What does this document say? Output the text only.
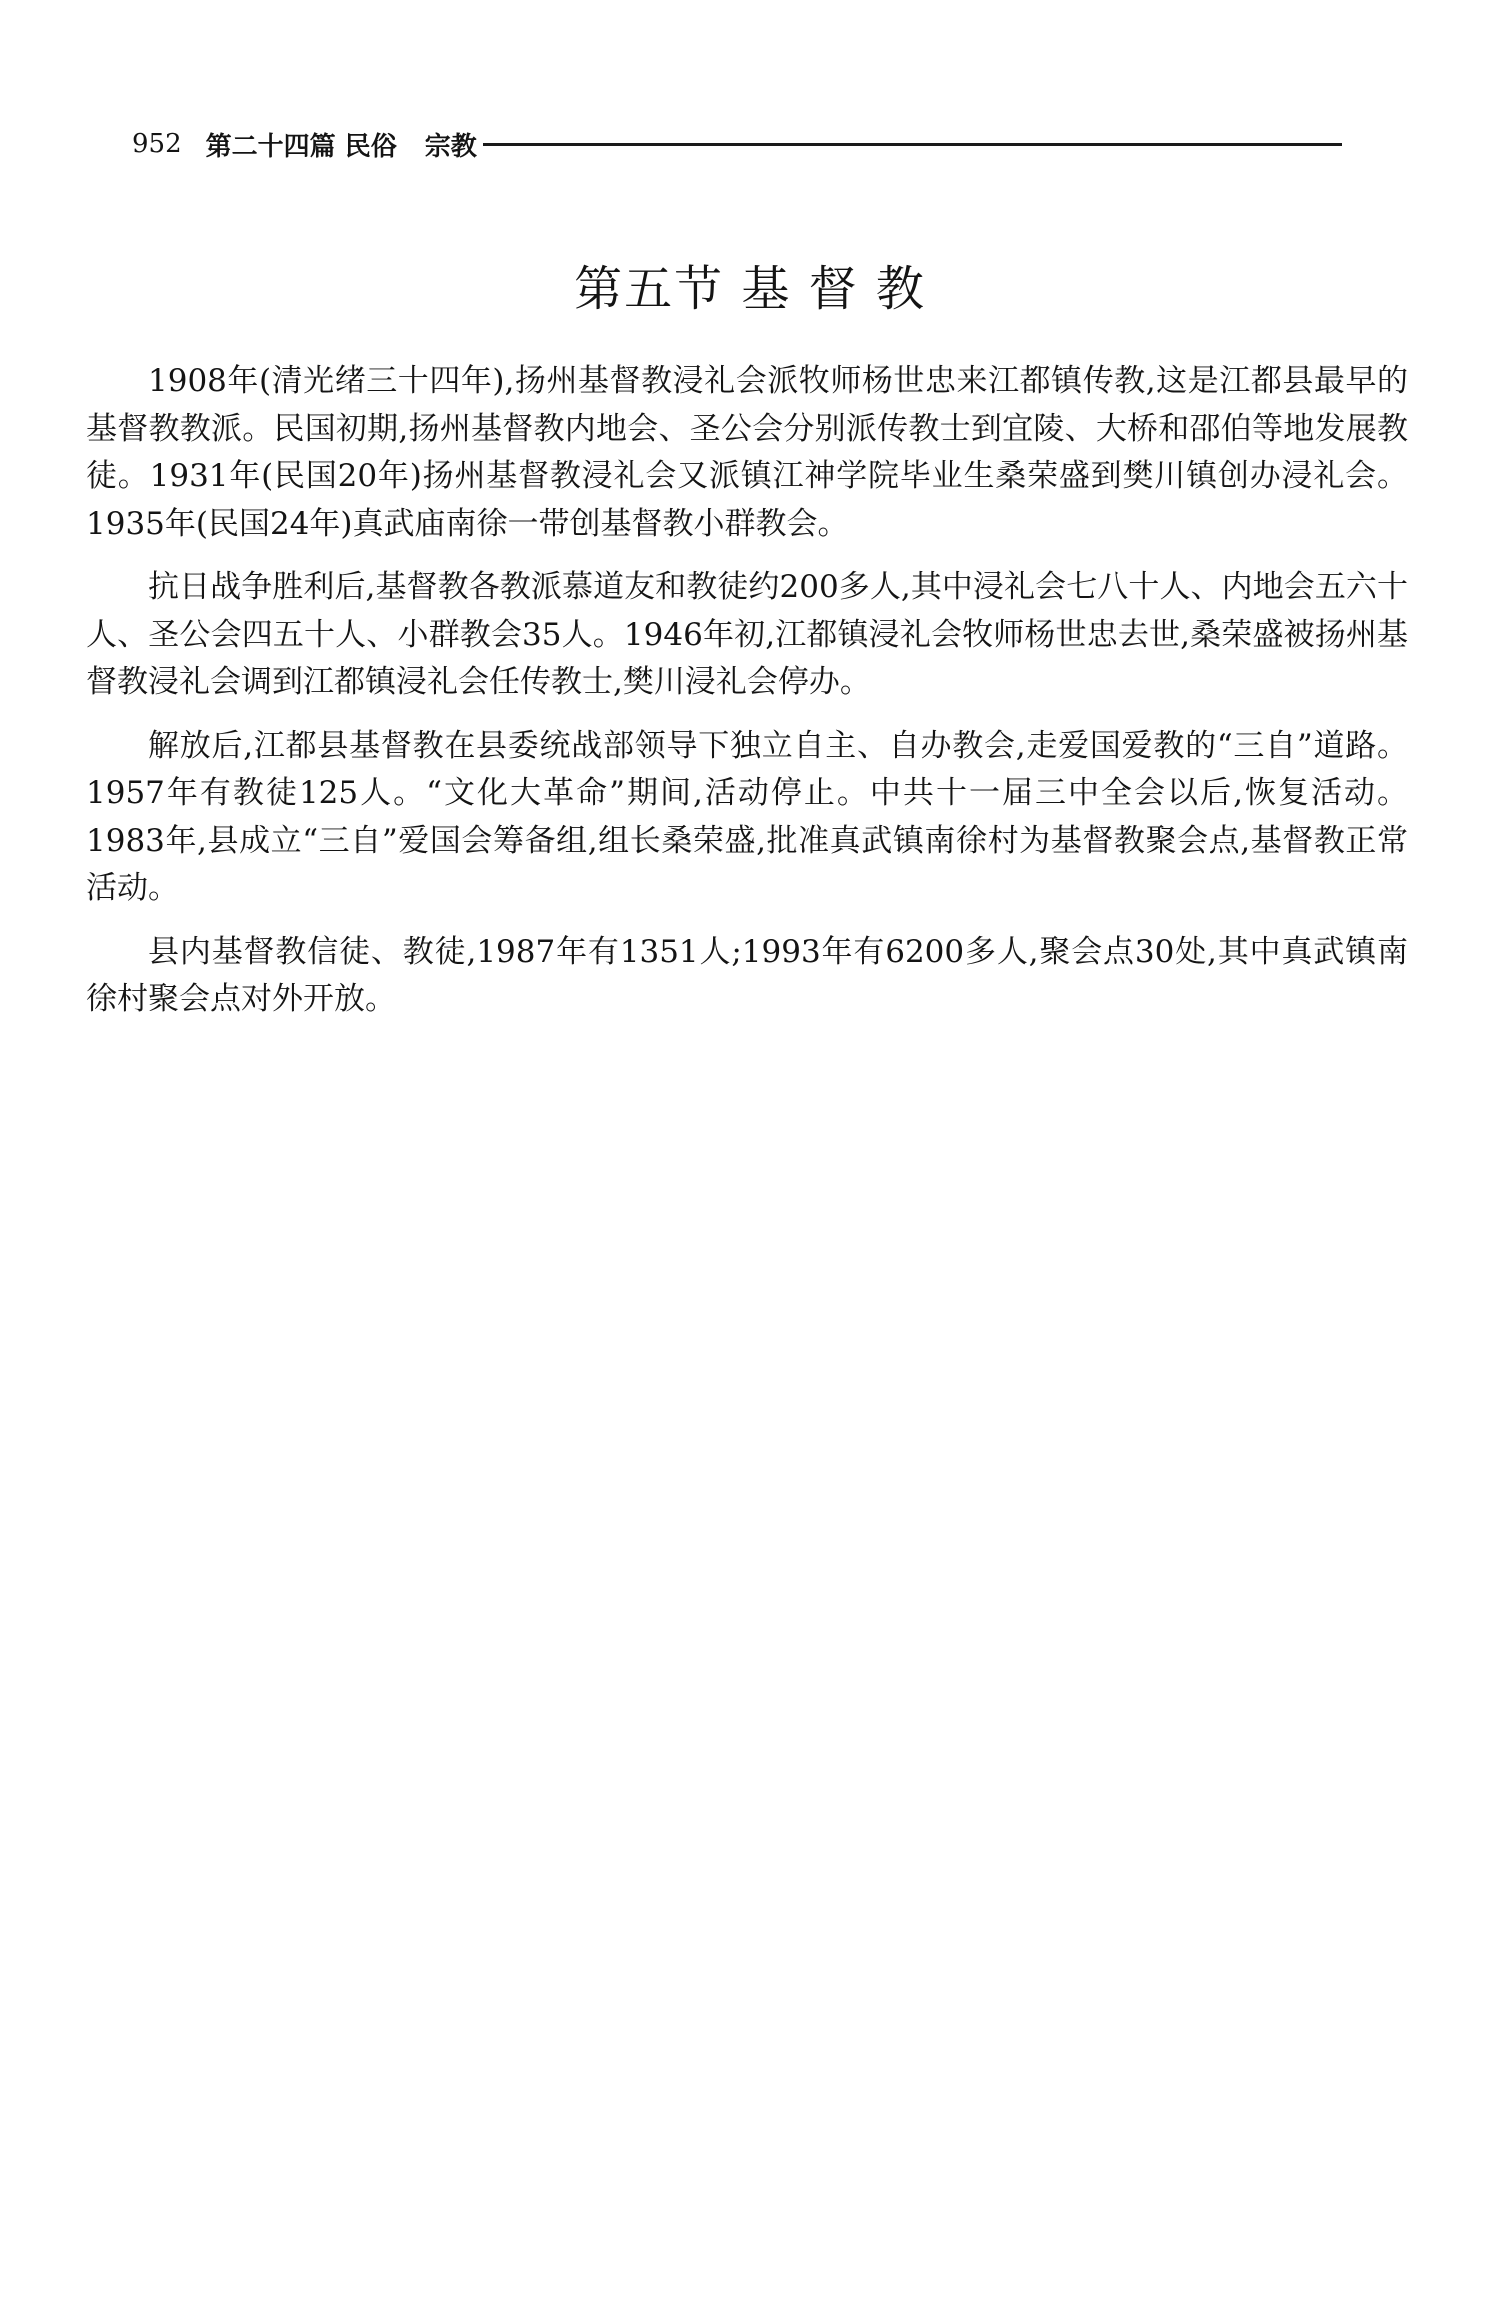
952 第二十四篇 民俗 宗教
第五节 基 督 教

1908年(清光绪三十四年),扬州基督教浸礼会派牧师杨世忠来江都镇传教,这是江都县最早的基督教教派。民国初期,扬州基督教内地会、圣公会分别派传教士到宜陵、大桥和邵伯等地发展教徒。1931年(民国20年)扬州基督教浸礼会又派镇江神学院毕业生桑荣盛到樊川镇创办浸礼会。1935年(民国24年)真武庙南徐一带创基督教小群教会。

抗日战争胜利后,基督教各教派慕道友和教徒约200多人,其中浸礼会七八十人、内地会五六十人、圣公会四五十人、小群教会35人。1946年初,江都镇浸礼会牧师杨世忠去世,桑荣盛被扬州基督教浸礼会调到江都镇浸礼会任传教士,樊川浸礼会停办。

解放后,江都县基督教在县委统战部领导下独立自主、自办教会,走爱国爱教的“三自”道路。1957年有教徒125人。“文化大革命”期间,活动停止。中共十一届三中全会以后,恢复活动。1983年,县成立“三自”爱国会筹备组,组长桑荣盛,批准真武镇南徐村为基督教聚会点,基督教正常活动。

县内基督教信徒、教徒,1987年有1351人;1993年有6200多人,聚会点30处,其中真武镇南徐村聚会点对外开放。
